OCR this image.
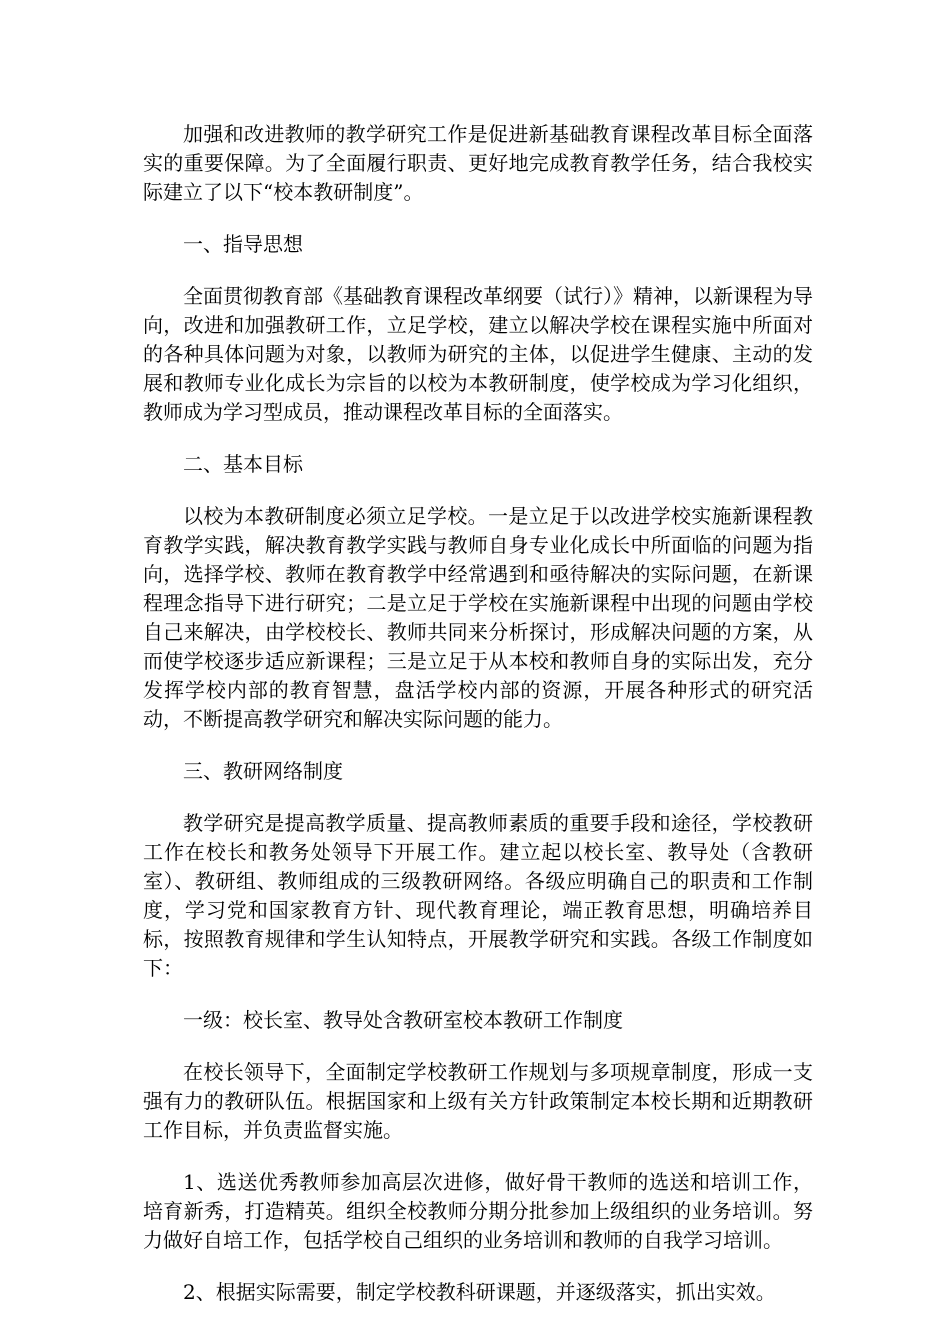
加强和改进教师的教学研究工作是促进新基础教育课程改革目标全面落实的重要保障。为了全面履行职责、更好地完成教育教学任务，结合我校实际建立了以下“校本教研制度”。

一、指导思想

全面贯彻教育部《基础教育课程改革纲要（试行）》精神，以新课程为导向，改进和加强教研工作，立足学校，建立以解决学校在课程实施中所面对的各种具体问题为对象，以教师为研究的主体，以促进学生健康、主动的发展和教师专业化成长为宗旨的以校为本教研制度，使学校成为学习化组织，教师成为学习型成员，推动课程改革目标的全面落实。

二、基本目标

以校为本教研制度必须立足学校。一是立足于以改进学校实施新课程教育教学实践，解决教育教学实践与教师自身专业化成长中所面临的问题为指向，选择学校、教师在教育教学中经常遇到和亟待解决的实际问题，在新课程理念指导下进行研究；二是立足于学校在实施新课程中出现的问题由学校自己来解决，由学校校长、教师共同来分析探讨，形成解决问题的方案，从而使学校逐步适应新课程；三是立足于从本校和教师自身的实际出发，充分发挥学校内部的教育智慧，盘活学校内部的资源，开展各种形式的研究活动，不断提高教学研究和解决实际问题的能力。

三、教研网络制度

教学研究是提高教学质量、提高教师素质的重要手段和途径，学校教研工作在校长和教务处领导下开展工作。建立起以校长室、教导处（含教研室）、教研组、教师组成的三级教研网络。各级应明确自己的职责和工作制度，学习党和国家教育方针、现代教育理论，端正教育思想，明确培养目标，按照教育规律和学生认知特点，开展教学研究和实践。各级工作制度如下：

一级：校长室、教导处含教研室校本教研工作制度

在校长领导下，全面制定学校教研工作规划与多项规章制度，形成一支强有力的教研队伍。根据国家和上级有关方针政策制定本校长期和近期教研工作目标，并负责监督实施。

1、选送优秀教师参加高层次进修，做好骨干教师的选送和培训工作，培育新秀，打造精英。组织全校教师分期分批参加上级组织的业务培训。努力做好自培工作，包括学校自己组织的业务培训和教师的自我学习培训。

2、根据实际需要，制定学校教科研课题，并逐级落实，抓出实效。
